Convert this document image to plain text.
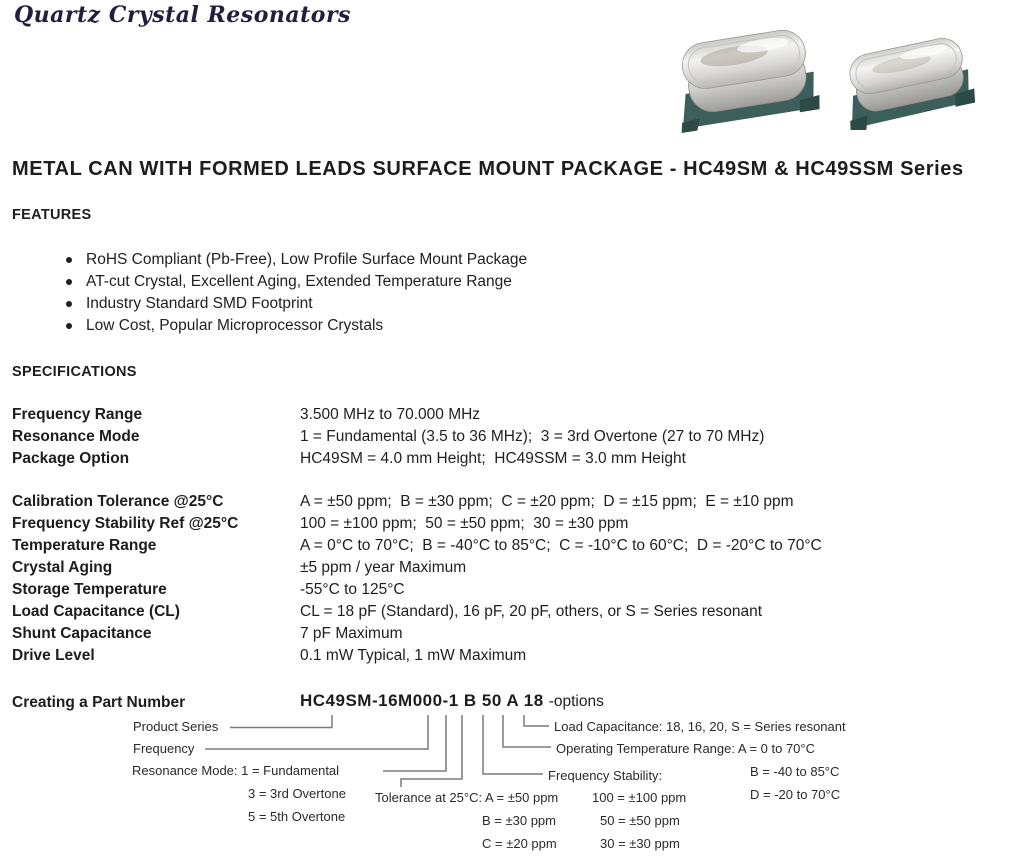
Quartz Crystal Resonators
METAL CAN WITH FORMED LEADS SURFACE MOUNT PACKAGE - HC49SM & HC49SSM Series
FEATURES
RoHS Compliant (Pb-Free), Low Profile Surface Mount Package
AT-cut Crystal, Excellent Aging, Extended Temperature Range
Industry Standard SMD Footprint
Low Cost, Popular Microprocessor Crystals
SPECIFICATIONS
Frequency Range	3.500 MHz to 70.000 MHz
Resonance Mode	1 = Fundamental (3.5 to 36 MHz);  3 = 3rd Overtone (27 to 70 MHz)
Package Option	HC49SM = 4.0 mm Height;  HC49SSM = 3.0 mm Height
Calibration Tolerance @25°C	A = ±50 ppm;  B = ±30 ppm;  C = ±20 ppm;  D = ±15 ppm;  E = ±10 ppm
Frequency Stability Ref @25°C	100 = ±100 ppm;  50 = ±50 ppm;  30 = ±30 ppm
Temperature Range	A = 0°C to 70°C;  B = -40°C to 85°C;  C = -10°C to 60°C;  D = -20°C to 70°C
Crystal Aging	±5 ppm / year Maximum
Storage Temperature	-55°C to 125°C
Load Capacitance (CL)	CL = 18 pF (Standard), 16 pF, 20 pF, others, or S = Series resonant
Shunt Capacitance	7 pF Maximum
Drive Level	0.1 mW Typical, 1 mW Maximum
Creating a Part Number	HC49SM-16M000-1 B 50 A 18 -options
Product Series
Frequency
Resonance Mode: 1 = Fundamental
3 = 3rd Overtone
5 = 5th Overtone
Tolerance at 25°C: A = ±50 ppm
B = ±30 ppm
C = ±20 ppm
Load Capacitance: 18, 16, 20, S = Series resonant
Operating Temperature Range: A = 0 to 70°C
B = -40 to 85°C
D = -20 to 70°C
Frequency Stability:
100 = ±100 ppm
50 = ±50 ppm
30 = ±30 ppm
